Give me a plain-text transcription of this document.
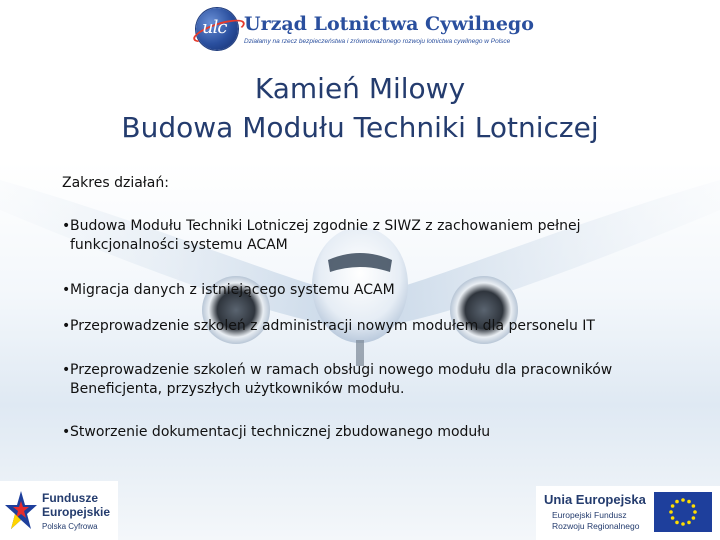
ulc Urząd Lotnictwa Cywilnego
Działamy na rzecz bezpieczeństwa i zrównoważonego rozwoju lotnictwa cywilnego w Polsce
Kamień Milowy
Budowa Modułu Techniki Lotniczej
Zakres działań:
• Budowa Modułu Techniki Lotniczej zgodnie z SIWZ z zachowaniem pełnej funkcjonalności systemu ACAM
• Migracja danych z istniejącego systemu ACAM
• Przeprowadzenie szkoleń z administracji nowym modułem dla personelu IT
• Przeprowadzenie szkoleń w ramach obsługi nowego modułu dla pracowników Beneficjenta, przyszłych użytkowników modułu.
• Stworzenie dokumentacji technicznej zbudowanego modułu
Fundusze
Europejskie
Polska Cyfrowa
Unia Europejska
Europejski Fundusz
Rozwoju Regionalnego
